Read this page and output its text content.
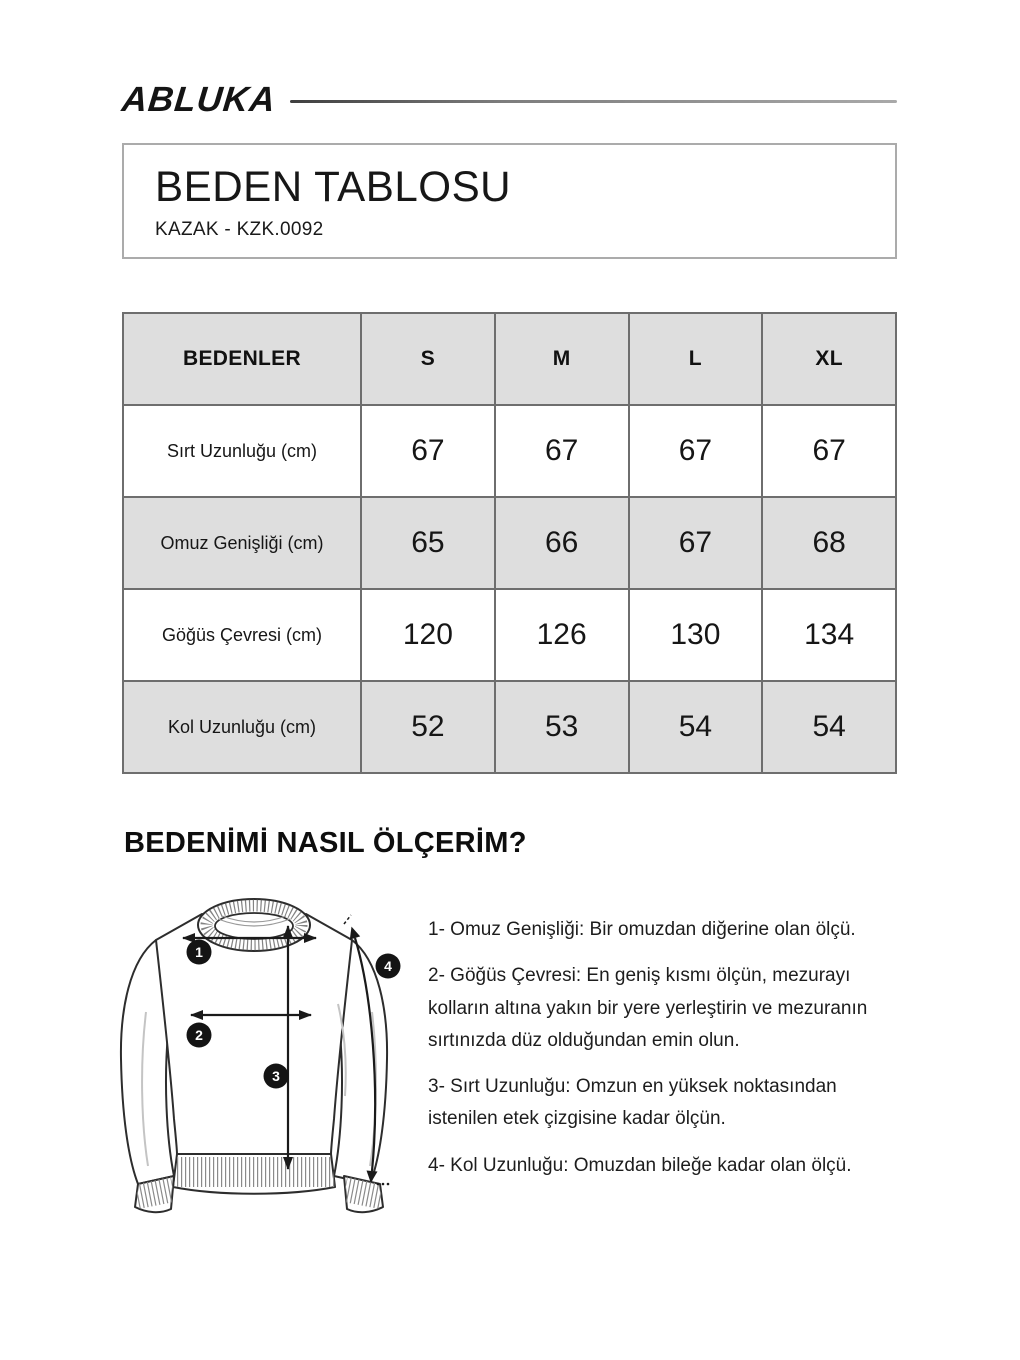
ABLUKA
BEDEN TABLOSU
KAZAK - KZK.0092
BEDENLER	S	M	L	XL
Sırt Uzunluğu (cm)	67	67	67	67
Omuz Genişliği (cm)	65	66	67	68
Göğüs Çevresi (cm)	120	126	130	134
Kol Uzunluğu (cm)	52	53	54	54
BEDENİMİ NASIL ÖLÇERİM?
1
2
3
4

1- Omuz Genişliği: Bir omuzdan diğerine olan ölçü.

2- Göğüs Çevresi: En geniş kısmı ölçün, mezurayı kolların altına yakın bir yere yerleştirin ve mezuranın sırtınızda düz olduğundan emin olun.

3- Sırt Uzunluğu: Omzun en yüksek noktasından istenilen etek çizgisine kadar ölçün.

4- Kol Uzunluğu: Omuzdan bileğe kadar olan ölçü.
